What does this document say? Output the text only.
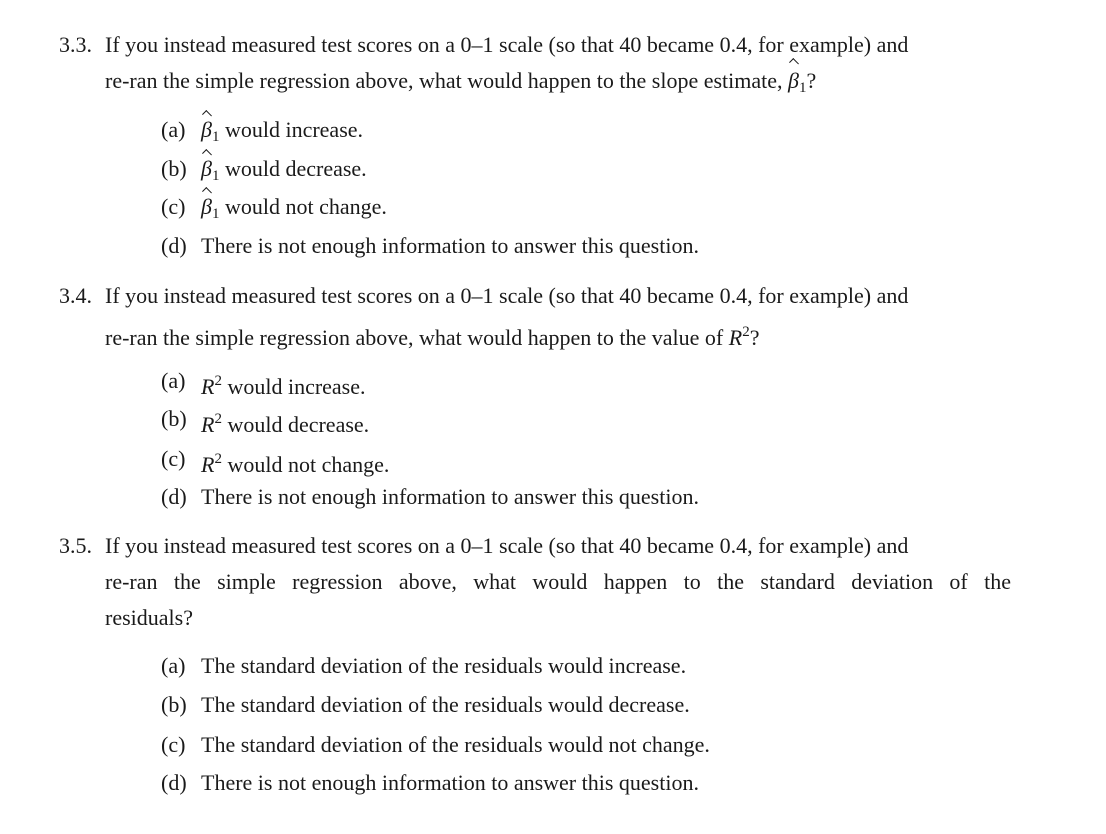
3.3. If you instead measured test scores on a 0–1 scale (so that 40 became 0.4, for example) and
re-ran the simple regression above, what would happen to the slope estimate, $\beta_1$?
(a) $\beta_1$ would increase.
(b) $\beta_1$ would decrease.
(c) $\beta_1$ would not change.
(d) There is not enough information to answer this question.
3.4. If you instead measured test scores on a 0–1 scale (so that 40 became 0.4, for example) and
re-ran the simple regression above, what would happen to the value of $R^2$?
(a) $R^2$ would increase.
(b) $R^2$ would decrease.
(c) $R^2$ would not change.
(d) There is not enough information to answer this question.
3.5. If you instead measured test scores on a 0–1 scale (so that 40 became 0.4, for example) and
re-ran the simple regression above, what would happen to the standard deviation of the
residuals?
(a) The standard deviation of the residuals would increase.
(b) The standard deviation of the residuals would decrease.
(c) The standard deviation of the residuals would not change.
(d) There is not enough information to answer this question.
